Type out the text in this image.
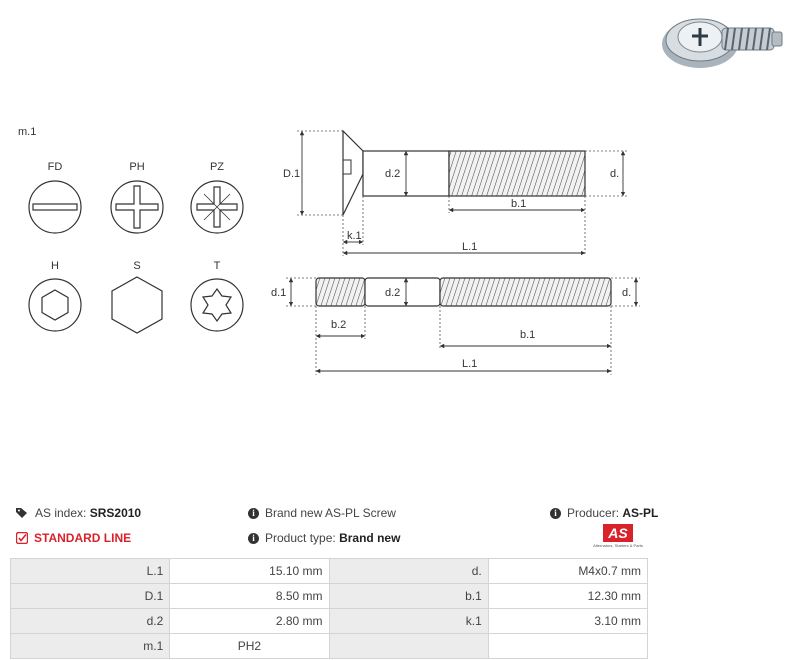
m.1
FD	PH	PZ
H	S	T
D.1	d.2	d.
b.1
k.1
L.1
d.1	d.2	d.
b.2
b.1
L.1
AS index:
SRS2010
STANDARD LINE
i Brand new AS-PL Screw
i Product type:
Brand new
i Producer:
AS-PL
AS
Alternators, Starters & Parts
L.1	15.10 mm	d.	M4x0.7 mm
D.1	8.50 mm	b.1	12.30 mm
d.2	2.80 mm	k.1	3.10 mm
m.1	PH2		
